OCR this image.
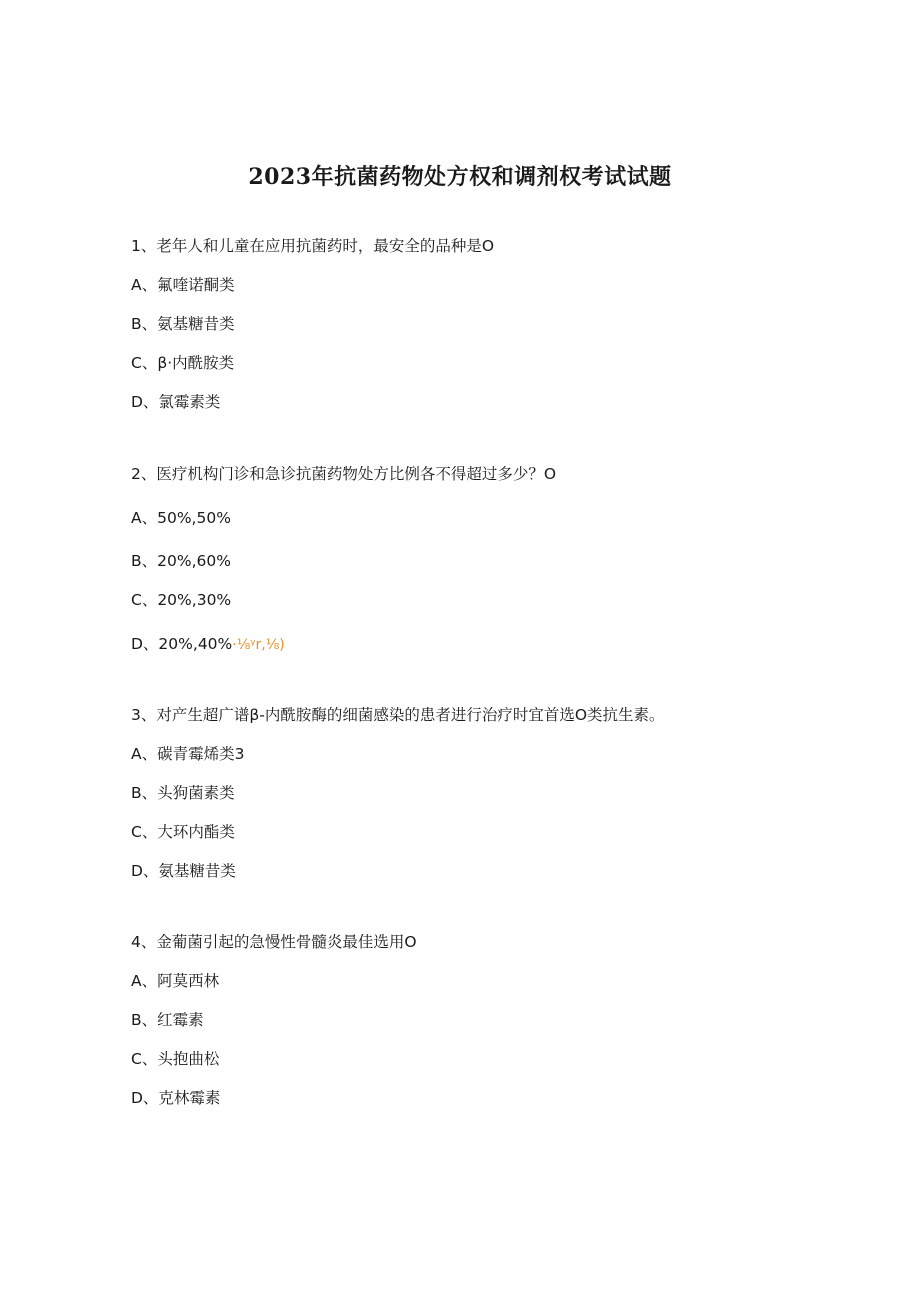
2023年抗菌药物处方权和调剂权考试试题
1、老年人和儿童在应用抗菌药时，最安全的品种是O
A、氟喹诺酮类
B、氨基糖昔类
C、β·内酰胺类
D、氯霉素类
2、医疗机构门诊和急诊抗菌药物处方比例各不得超过多少？O
A、50%,50%
B、20%,60%
C、20%,30%
D、20%,40%·⅛ᵞr,⅛)
3、对产生超广谱β-内酰胺酶的细菌感染的患者进行治疗时宜首选O类抗生素。
A、碳青霉烯类3
B、头狗菌素类
C、大环内酯类
D、氨基糖昔类
4、金葡菌引起的急慢性骨髓炎最佳选用O
A、阿莫西林
B、红霉素
C、头抱曲松
D、克林霉素
